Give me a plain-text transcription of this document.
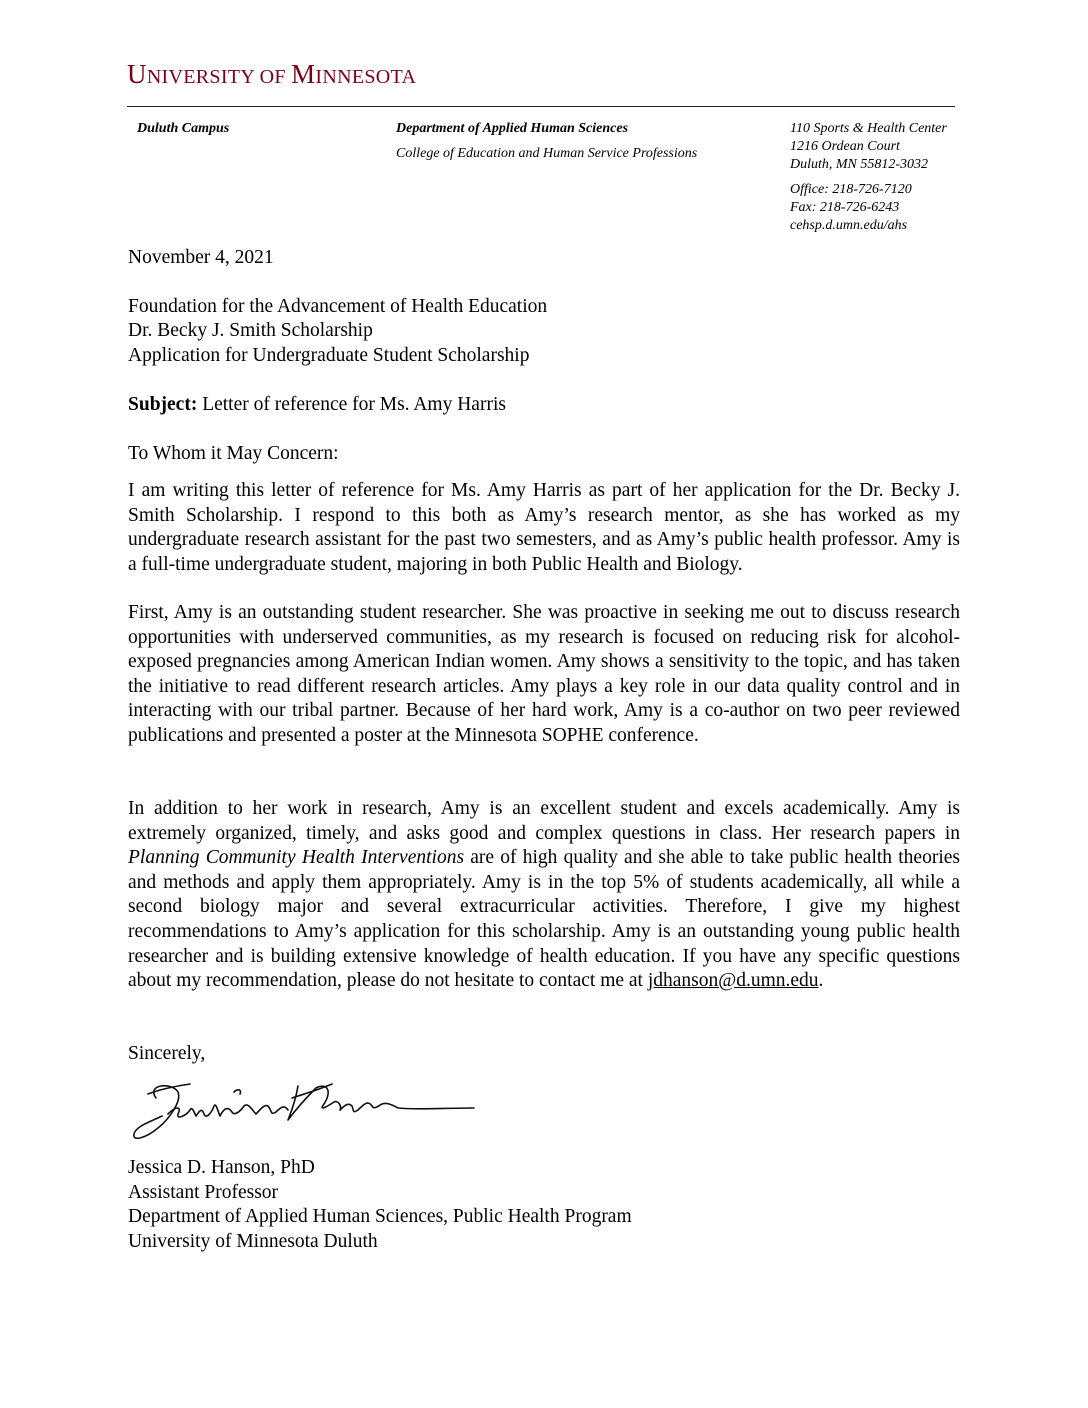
UNIVERSITY OF MINNESOTA
Duluth Campus	Department of Applied Human Sciences
College of Education and Human Service Professions
110 Sports & Health Center
1216 Ordean Court
Duluth, MN 55812-3032
Office: 218-726-7120
Fax: 218-726-6243
cehsp.d.umn.edu/ahs

November 4, 2021

Foundation for the Advancement of Health Education

Dr. Becky J. Smith Scholarship

Application for Undergraduate Student Scholarship

Subject: Letter of reference for Ms. Amy Harris

To Whom it May Concern:

I am writing this letter of reference for Ms. Amy Harris as part of her application for the Dr. Becky J. Smith Scholarship. I respond to this both as Amy’s research mentor, as she has worked as my undergraduate research assistant for the past two semesters, and as Amy’s public health professor. Amy is a full-time undergraduate student, majoring in both Public Health and Biology.

First, Amy is an outstanding student researcher. She was proactive in seeking me out to discuss research opportunities with underserved communities, as my research is focused on reducing risk for alcohol-exposed pregnancies among American Indian women. Amy shows a sensitivity to the topic, and has taken the initiative to read different research articles. Amy plays a key role in our data quality control and in interacting with our tribal partner. Because of her hard work, Amy is a co-author on two peer reviewed publications and presented a poster at the Minnesota SOPHE conference.

In addition to her work in research, Amy is an excellent student and excels academically. Amy is extremely organized, timely, and asks good and complex questions in class. Her research papers in Planning Community Health Interventions are of high quality and she able to take public health theories and methods and apply them appropriately. Amy is in the top 5% of students academically, all while a second biology major and several extracurricular activities. Therefore, I give my highest recommendations to Amy’s application for this scholarship. Amy is an outstanding young public health researcher and is building extensive knowledge of health education. If you have any specific questions about my recommendation, please do not hesitate to contact me at jdhanson@d.umn.edu.

Sincerely,

Jessica D. Hanson, PhD
Assistant Professor
Department of Applied Human Sciences, Public Health Program
University of Minnesota Duluth
